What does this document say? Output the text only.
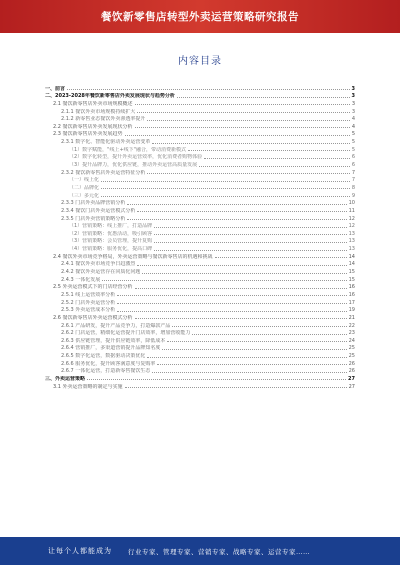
餐饮新零售店转型外卖运营策略研究报告
内容目录
一、前言	3
二、2023-2028年餐饮新零售店外卖发展现状与趋势分析	3
2.1 餐饮新零售店外卖市场规模概述	3
2.1.1 餐饮外卖市场规模持续扩大	3
2.1.2 新零售业态餐饮外卖渗透率提升	4
2.2 餐饮新零售店外卖发展现状分析	4
2.3 餐饮新零售店外卖发展趋势	5
2.3.1 数字化、智能化驱动外卖运营变革	5
（1）数字赋能，"线上+线下"融合，带动消费新模式	5
（2）数字化转型，提升外卖运营效率，优化消费者购物体验	6
（3）提升品牌力，优化供应链，推动外卖运营高质量发展	6
2.3.2 餐饮新零售店外卖运营特征分析	7
（一）线上化	7
（二）品牌化	8
（三）多元化	9
2.3.3 门店外卖品牌营销分析	10
2.3.4 餐饮门店外卖运营模式分析	11
2.3.5 门店外卖营销策略分析	12
（1）营销策略：线上推广，打造品牌	12
（2）营销策略：优惠活动，吸引顾客	13
（3）营销策略：会员管理，提升复购	13
（4）营销策略：服务优化，提高口碑	13
2.4 餐饮外卖市场竞争格局，外卖运营策略与餐饮新零售店的机遇和挑战	14
2.4.1 餐饮外卖市场竞争日趋激烈	14
2.4.2 餐饮外卖运营存在同质化问题	15
2.4.3 一体化发展	15
2.5 外卖运营模式下的门店经营分析	16
2.5.1 线上运营效率分析	16
2.5.2 门店外卖运营分析	17
2.5.3 外卖运营成本分析	19
2.6 餐饮新零售店外卖运营模式分析	21
2.6.1 产品研发，提升产品竞争力，打造爆款产品	22
2.6.2 门店运营，精细化运营提升门店效率，增加营收能力	23
2.6.3 供应链管理，提升供应链效率，降低成本	24
2.6.4 营销推广，多渠道营销提升品牌知名度	25
2.6.5 数字化运营，数据驱动决策优化	25
2.6.6 服务优化，提升顾客满意度与复购率	26
2.6.7 一体化运营，打造新零售餐饮生态	26
三、外卖运营策略	27
3.1 外卖运营策略的制定与实施	27
让每个人都能成为 行业专家、管理专家、营销专家、战略专家、运营专家……
